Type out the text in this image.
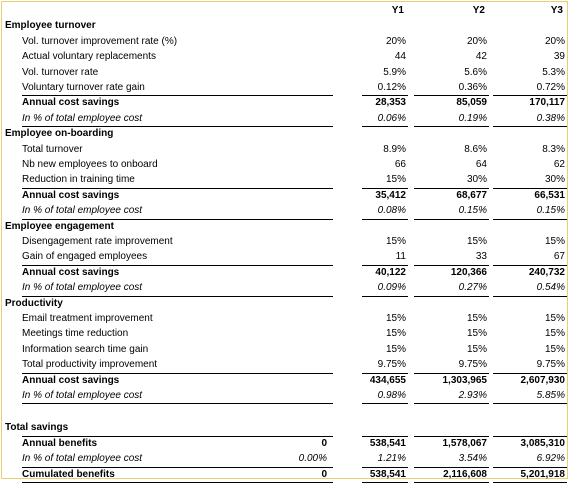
Y1	Y2	Y3
Employee turnover
Vol. turnover improvement rate (%)	20%	20%	20%
Actual voluntary replacements	44	42	39
Vol. turnover rate	5.9%	5.6%	5.3%
Voluntary turnover rate gain	0.12%	0.36%	0.72%
Annual cost savings	28,353	85,059	170,117
In % of total employee cost	0.06%	0.19%	0.38%
Employee on-boarding
Total turnover	8.9%	8.6%	8.3%
Nb new employees to onboard	66	64	62
Reduction in training time	15%	30%	30%
Annual cost savings	35,412	68,677	66,531
In % of total employee cost	0.08%	0.15%	0.15%
Employee engagement
Disengagement rate improvement	15%	15%	15%
Gain of engaged employees	11	33	67
Annual cost savings	40,122	120,366	240,732
In % of total employee cost	0.09%	0.27%	0.54%
Productivity
Email treatment improvement	15%	15%	15%
Meetings time reduction	15%	15%	15%
Information search time gain	15%	15%	15%
Total productivity improvement	9.75%	9.75%	9.75%
Annual cost savings	434,655	1,303,965	2,607,930
In % of total employee cost	0.98%	2.93%	5.85%
Total savings
Annual benefits	0	538,541	1,578,067	3,085,310
In % of total employee cost	0.00%	1.21%	3.54%	6.92%
Cumulated benefits	0	538,541	2,116,608	5,201,918
